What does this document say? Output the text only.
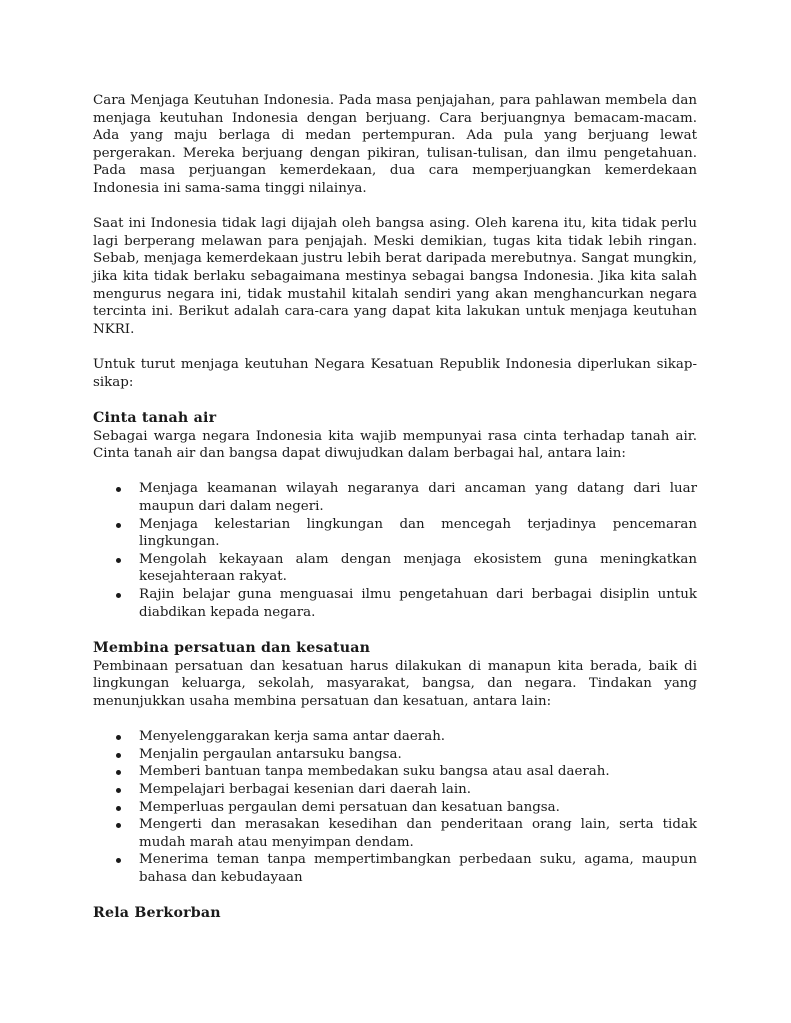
Cara Menjaga Keutuhan Indonesia. Pada masa penjajahan, para pahlawan membela dan menjaga keutuhan Indonesia dengan berjuang. Cara berjuangnya bemacam-macam. Ada yang maju berlaga di medan pertempuran. Ada pula yang berjuang lewat pergerakan. Mereka berjuang dengan pikiran, tulisan-tulisan, dan ilmu pengetahuan. Pada masa perjuangan kemerdekaan, dua cara memperjuangkan kemerdekaan Indonesia ini sama-sama tinggi nilainya.

Saat ini Indonesia tidak lagi dijajah oleh bangsa asing. Oleh karena itu, kita tidak perlu lagi berperang melawan para penjajah. Meski demikian, tugas kita tidak lebih ringan. Sebab, menjaga kemerdekaan justru lebih berat daripada merebutnya. Sangat mungkin, jika kita tidak berlaku sebagaimana mestinya sebagai bangsa Indonesia. Jika kita salah mengurus negara ini, tidak mustahil kitalah sendiri yang akan menghancurkan negara tercinta ini. Berikut adalah cara-cara yang dapat kita lakukan untuk menjaga keutuhan NKRI.

Untuk turut menjaga keutuhan Negara Kesatuan Republik Indonesia diperlukan sikap-sikap:

Cinta tanah air

Sebagai warga negara Indonesia kita wajib mempunyai rasa cinta terhadap tanah air. Cinta tanah air dan bangsa dapat diwujudkan dalam berbagai hal, antara lain:

Menjaga keamanan wilayah negaranya dari ancaman yang datang dari luar maupun dari dalam negeri.
Menjaga kelestarian lingkungan dan mencegah terjadinya pencemaran lingkungan.
Mengolah kekayaan alam dengan menjaga ekosistem guna meningkatkan kesejahteraan rakyat.
Rajin belajar guna menguasai ilmu pengetahuan dari berbagai disiplin untuk diabdikan kepada negara.
Membina persatuan dan kesatuan

Pembinaan persatuan dan kesatuan harus dilakukan di manapun kita berada, baik di lingkungan keluarga, sekolah, masyarakat, bangsa, dan negara. Tindakan yang menunjukkan usaha membina persatuan dan kesatuan, antara lain:

Menyelenggarakan kerja sama antar daerah.
Menjalin pergaulan antarsuku bangsa.
Memberi bantuan tanpa membedakan suku bangsa atau asal daerah.
Mempelajari berbagai kesenian dari daerah lain.
Memperluas pergaulan demi persatuan dan kesatuan bangsa.
Mengerti dan merasakan kesedihan dan penderitaan orang lain, serta tidak mudah marah atau menyimpan dendam.
Menerima teman tanpa mempertimbangkan perbedaan suku, agama, maupun bahasa dan kebudayaan
Rela Berkorban
